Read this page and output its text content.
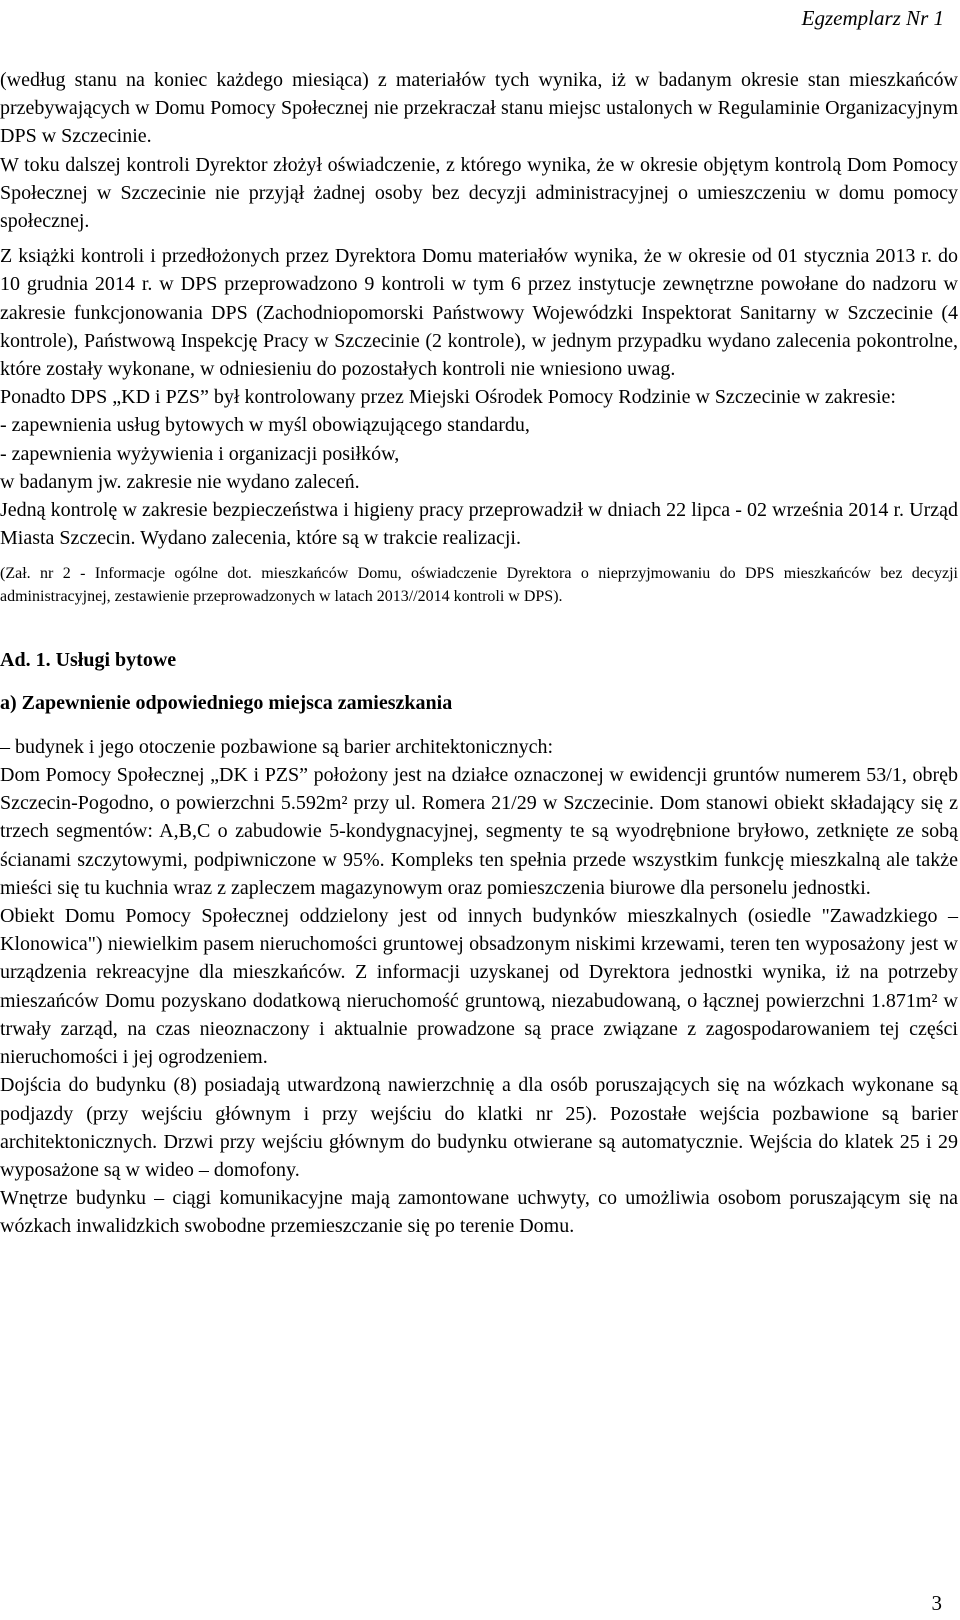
Egzemplarz Nr 1

(według stanu na koniec każdego miesiąca) z materiałów tych wynika, iż w badanym okresie stan mieszkańców przebywających w Domu Pomocy Społecznej nie przekraczał stanu miejsc ustalonych w Regulaminie Organizacyjnym DPS w Szczecinie.

W toku dalszej kontroli Dyrektor złożył oświadczenie, z którego wynika, że w okresie objętym kontrolą Dom Pomocy Społecznej w Szczecinie nie przyjął żadnej osoby bez decyzji administracyjnej o umieszczeniu w domu pomocy społecznej.

Z książki kontroli i przedłożonych przez Dyrektora Domu materiałów wynika, że w okresie od 01 stycznia 2013 r. do 10 grudnia 2014 r. w DPS przeprowadzono 9 kontroli w tym 6 przez instytucje zewnętrzne powołane do nadzoru w zakresie funkcjonowania DPS (Zachodniopomorski Państwowy Wojewódzki Inspektorat Sanitarny w Szczecinie (4 kontrole), Państwową Inspekcję Pracy w Szczecinie (2 kontrole), w jednym przypadku wydano zalecenia pokontrolne, które zostały wykonane, w odniesieniu do pozostałych kontroli nie wniesiono uwag.

Ponadto DPS „KD i PZS” był kontrolowany przez Miejski Ośrodek Pomocy Rodzinie w Szczecinie w zakresie:

- zapewnienia usług bytowych w myśl obowiązującego standardu,

- zapewnienia wyżywienia i organizacji posiłków,

w badanym jw. zakresie nie wydano zaleceń.

Jedną kontrolę w zakresie bezpieczeństwa i higieny pracy przeprowadził w dniach 22 lipca - 02 września 2014 r. Urząd Miasta Szczecin. Wydano zalecenia, które są w trakcie realizacji.

(Zał. nr 2 - Informacje ogólne dot. mieszkańców Domu, oświadczenie Dyrektora o nieprzyjmowaniu do DPS mieszkańców bez decyzji administracyjnej, zestawienie przeprowadzonych w latach 2013//2014 kontroli w DPS).

Ad. 1. Usługi bytowe

a) Zapewnienie odpowiedniego miejsca zamieszkania

– budynek i jego otoczenie pozbawione są barier architektonicznych:

Dom Pomocy Społecznej „DK i PZS” położony jest na działce oznaczonej w ewidencji gruntów numerem 53/1, obręb Szczecin-Pogodno, o powierzchni 5.592m² przy ul. Romera 21/29 w Szczecinie. Dom stanowi obiekt składający się z trzech segmentów: A,B,C o zabudowie 5-kondygnacyjnej, segmenty te są wyodrębnione bryłowo, zetknięte ze sobą ścianami szczytowymi, podpiwniczone w 95%. Kompleks ten spełnia przede wszystkim funkcję mieszkalną ale także mieści się tu kuchnia wraz z zapleczem magazynowym oraz pomieszczenia biurowe dla personelu jednostki.

Obiekt Domu Pomocy Społecznej oddzielony jest od innych budynków mieszkalnych (osiedle "Zawadzkiego – Klonowica") niewielkim pasem nieruchomości gruntowej obsadzonym niskimi krzewami, teren ten wyposażony jest w urządzenia rekreacyjne dla mieszkańców. Z informacji uzyskanej od Dyrektora jednostki wynika, iż na potrzeby mieszańców Domu pozyskano dodatkową nieruchomość gruntową, niezabudowaną, o łącznej powierzchni 1.871m² w trwały zarząd, na czas nieoznaczony i aktualnie prowadzone są prace związane z zagospodarowaniem tej części nieruchomości i jej ogrodzeniem.

Dojścia do budynku (8) posiadają utwardzoną nawierzchnię a dla osób poruszających się na wózkach wykonane są podjazdy (przy wejściu głównym i przy wejściu do klatki nr 25). Pozostałe wejścia pozbawione są barier architektonicznych. Drzwi przy wejściu głównym do budynku otwierane są automatycznie. Wejścia do klatek 25 i 29 wyposażone są w wideo – domofony.

Wnętrze budynku – ciągi komunikacyjne mają zamontowane uchwyty, co umożliwia osobom poruszającym się na wózkach inwalidzkich swobodne przemieszczanie się po terenie Domu.

3
